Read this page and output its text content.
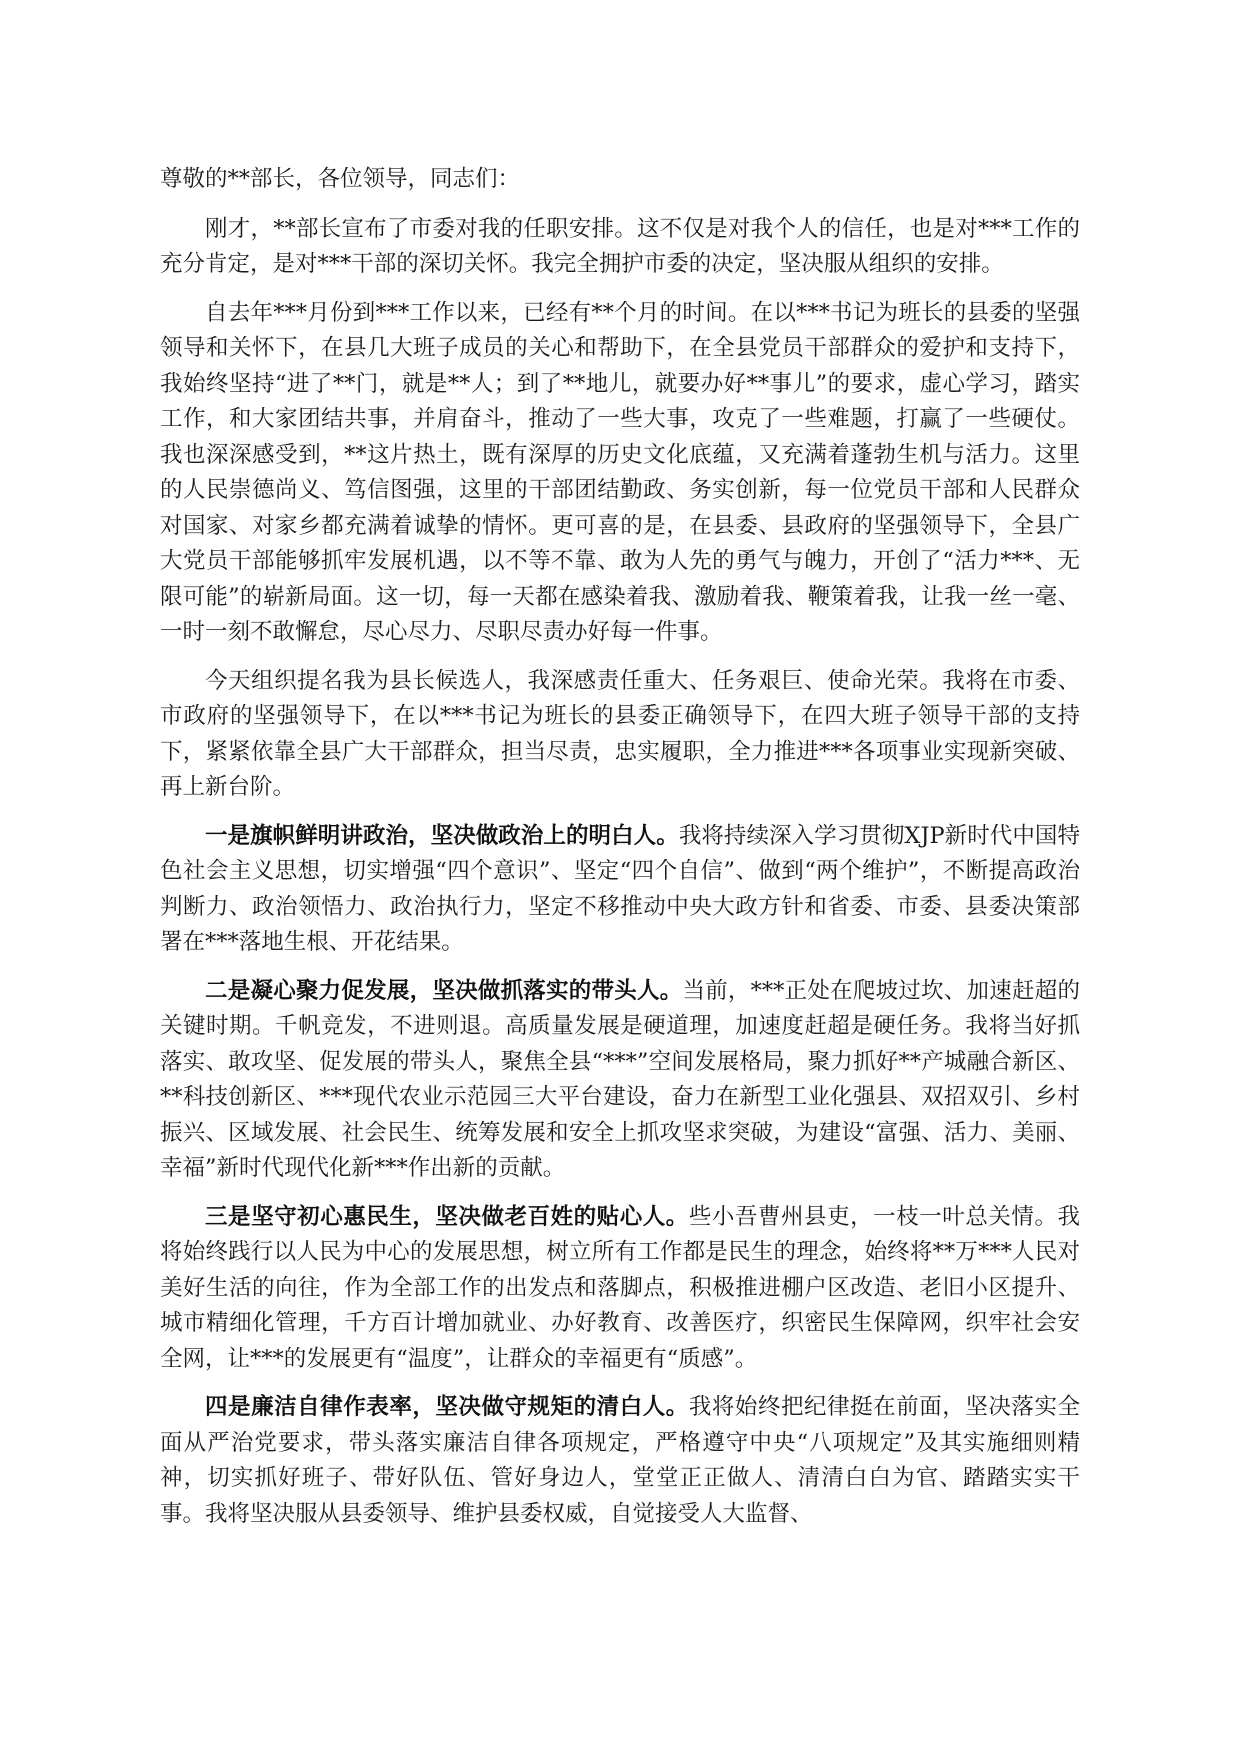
尊敬的**部长，各位领导，同志们：

刚才，**部长宣布了市委对我的任职安排。这不仅是对我个人的信任，也是对***工作的充分肯定，是对***干部的深切关怀。我完全拥护市委的决定，坚决服从组织的安排。

自去年***月份到***工作以来，已经有**个月的时间。在以***书记为班长的县委的坚强领导和关怀下，在县几大班子成员的关心和帮助下，在全县党员干部群众的爱护和支持下，我始终坚持“进了**门，就是**人；到了**地儿，就要办好**事儿”的要求，虚心学习，踏实工作，和大家团结共事，并肩奋斗，推动了一些大事，攻克了一些难题，打赢了一些硬仗。我也深深感受到，**这片热土，既有深厚的历史文化底蕴，又充满着蓬勃生机与活力。这里的人民崇德尚义、笃信图强，这里的干部团结勤政、务实创新，每一位党员干部和人民群众对国家、对家乡都充满着诚挚的情怀。更可喜的是，在县委、县政府的坚强领导下，全县广大党员干部能够抓牢发展机遇，以不等不靠、敢为人先的勇气与魄力，开创了“活力***、无限可能”的崭新局面。这一切，每一天都在感染着我、激励着我、鞭策着我，让我一丝一毫、一时一刻不敢懈怠，尽心尽力、尽职尽责办好每一件事。

今天组织提名我为县长候选人，我深感责任重大、任务艰巨、使命光荣。我将在市委、市政府的坚强领导下，在以***书记为班长的县委正确领导下，在四大班子领导干部的支持下，紧紧依靠全县广大干部群众，担当尽责，忠实履职，全力推进***各项事业实现新突破、再上新台阶。

一是旗帜鲜明讲政治，坚决做政治上的明白人。我将持续深入学习贯彻XJP新时代中国特色社会主义思想，切实增强“四个意识”、坚定“四个自信”、做到“两个维护”，不断提高政治判断力、政治领悟力、政治执行力，坚定不移推动中央大政方针和省委、市委、县委决策部署在***落地生根、开花结果。

二是凝心聚力促发展，坚决做抓落实的带头人。当前，***正处在爬坡过坎、加速赶超的关键时期。千帆竞发，不进则退。高质量发展是硬道理，加速度赶超是硬任务。我将当好抓落实、敢攻坚、促发展的带头人，聚焦全县“***”空间发展格局，聚力抓好**产城融合新区、**科技创新区、***现代农业示范园三大平台建设，奋力在新型工业化强县、双招双引、乡村振兴、区域发展、社会民生、统筹发展和安全上抓攻坚求突破，为建设“富强、活力、美丽、幸福”新时代现代化新***作出新的贡献。

三是坚守初心惠民生，坚决做老百姓的贴心人。些小吾曹州县吏，一枝一叶总关情。我将始终践行以人民为中心的发展思想，树立所有工作都是民生的理念，始终将**万***人民对美好生活的向往，作为全部工作的出发点和落脚点，积极推进棚户区改造、老旧小区提升、城市精细化管理，千方百计增加就业、办好教育、改善医疗，织密民生保障网，织牢社会安全网，让***的发展更有“温度”，让群众的幸福更有“质感”。

四是廉洁自律作表率，坚决做守规矩的清白人。我将始终把纪律挺在前面，坚决落实全面从严治党要求，带头落实廉洁自律各项规定，严格遵守中央“八项规定”及其实施细则精神，切实抓好班子、带好队伍、管好身边人，堂堂正正做人、清清白白为官、踏踏实实干事。我将坚决服从县委领导、维护县委权威，自觉接受人大监督、
